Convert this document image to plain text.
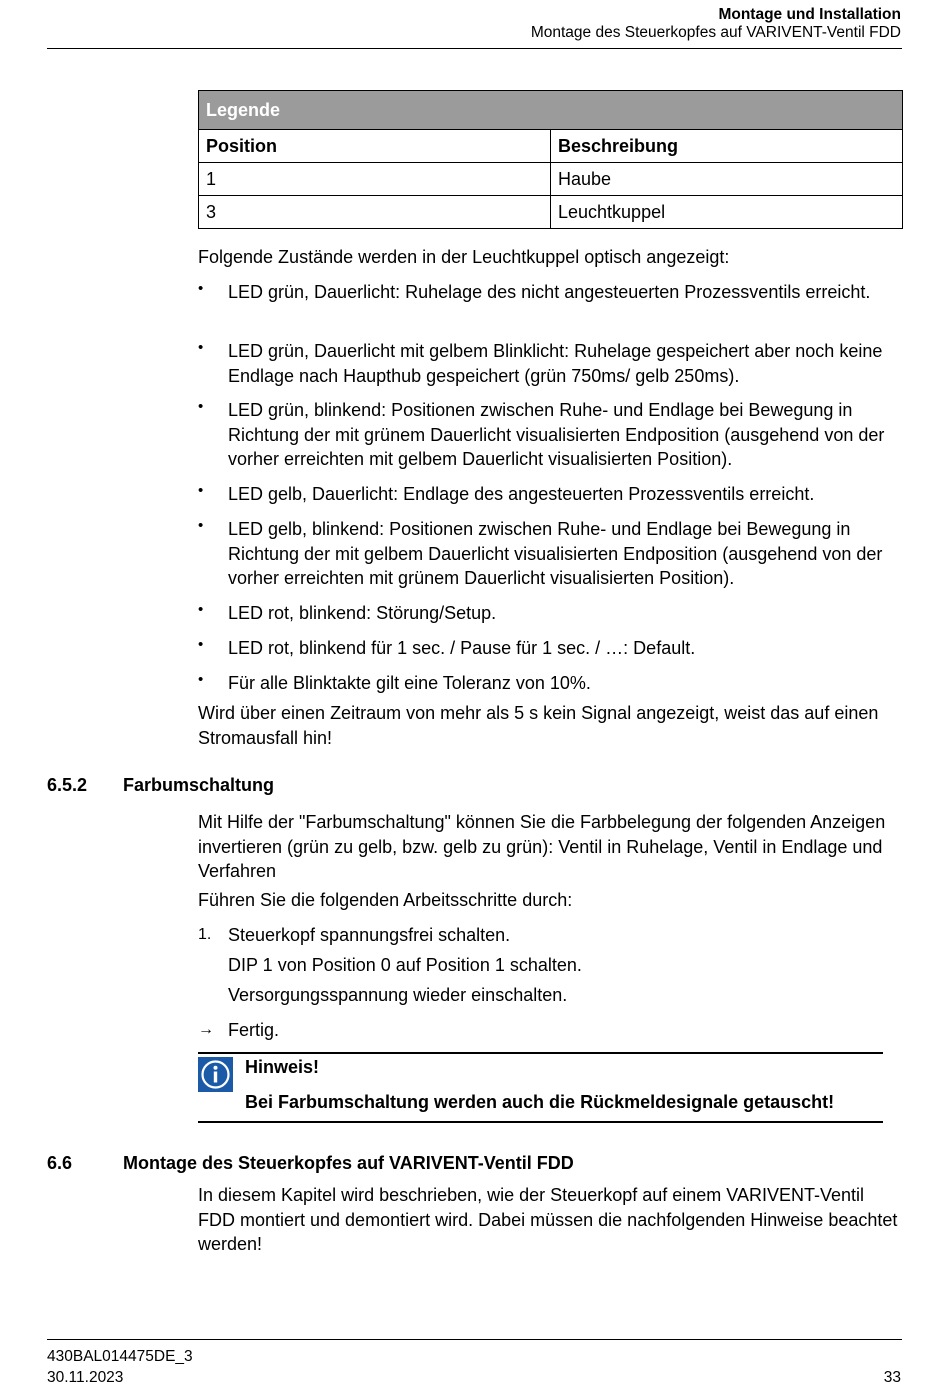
Montage und Installation
Montage des Steuerkopfes auf VARIVENT-Ventil FDD
Legende	
Position	Beschreibung
1	Haube
3	Leuchtkuppel
Folgende Zustände werden in der Leuchtkuppel optisch angezeigt:
• LED grün, Dauerlicht: Ruhelage des nicht angesteuerten Prozessventils erreicht.
• LED grün, Dauerlicht mit gelbem Blinklicht: Ruhelage gespeichert aber noch keine Endlage nach Haupthub gespeichert (grün 750ms/ gelb 250ms).
• LED grün, blinkend: Positionen zwischen Ruhe- und Endlage bei Bewegung in Richtung der mit grünem Dauerlicht visualisierten Endposition (ausgehend von der vorher erreichten mit gelbem Dauerlicht visualisierten Position).
• LED gelb, Dauerlicht: Endlage des angesteuerten Prozessventils erreicht.
• LED gelb, blinkend: Positionen zwischen Ruhe- und Endlage bei Bewegung in Richtung der mit gelbem Dauerlicht visualisierten Endposition (ausgehend von der vorher erreichten mit grünem Dauerlicht visualisierten Position).
• LED rot, blinkend: Störung/Setup.
• LED rot, blinkend für 1 sec. / Pause für 1 sec. / …: Default.
• Für alle Blinktakte gilt eine Toleranz von 10%.
Wird über einen Zeitraum von mehr als 5 s kein Signal angezeigt, weist das auf einen Stromausfall hin!
6.5.2 Farbumschaltung
Mit Hilfe der "Farbumschaltung" können Sie die Farbbelegung der folgenden Anzeigen invertieren (grün zu gelb, bzw. gelb zu grün): Ventil in Ruhelage, Ventil in Endlage und Verfahren
Führen Sie die folgenden Arbeitsschritte durch:
1. Steuerkopf spannungsfrei schalten.
DIP 1 von Position 0 auf Position 1 schalten.
Versorgungsspannung wieder einschalten.
→ Fertig.
Hinweis!
Bei Farbumschaltung werden auch die Rückmeldesignale getauscht!
6.6	Montage des Steuerkopfes auf VARIVENT-Ventil FDD
In diesem Kapitel wird beschrieben, wie der Steuerkopf auf einem VARIVENT-Ventil FDD montiert und demontiert wird. Dabei müssen die nachfolgenden Hinweise beachtet werden!
430BAL014475DE_3
30.11.2023	33
